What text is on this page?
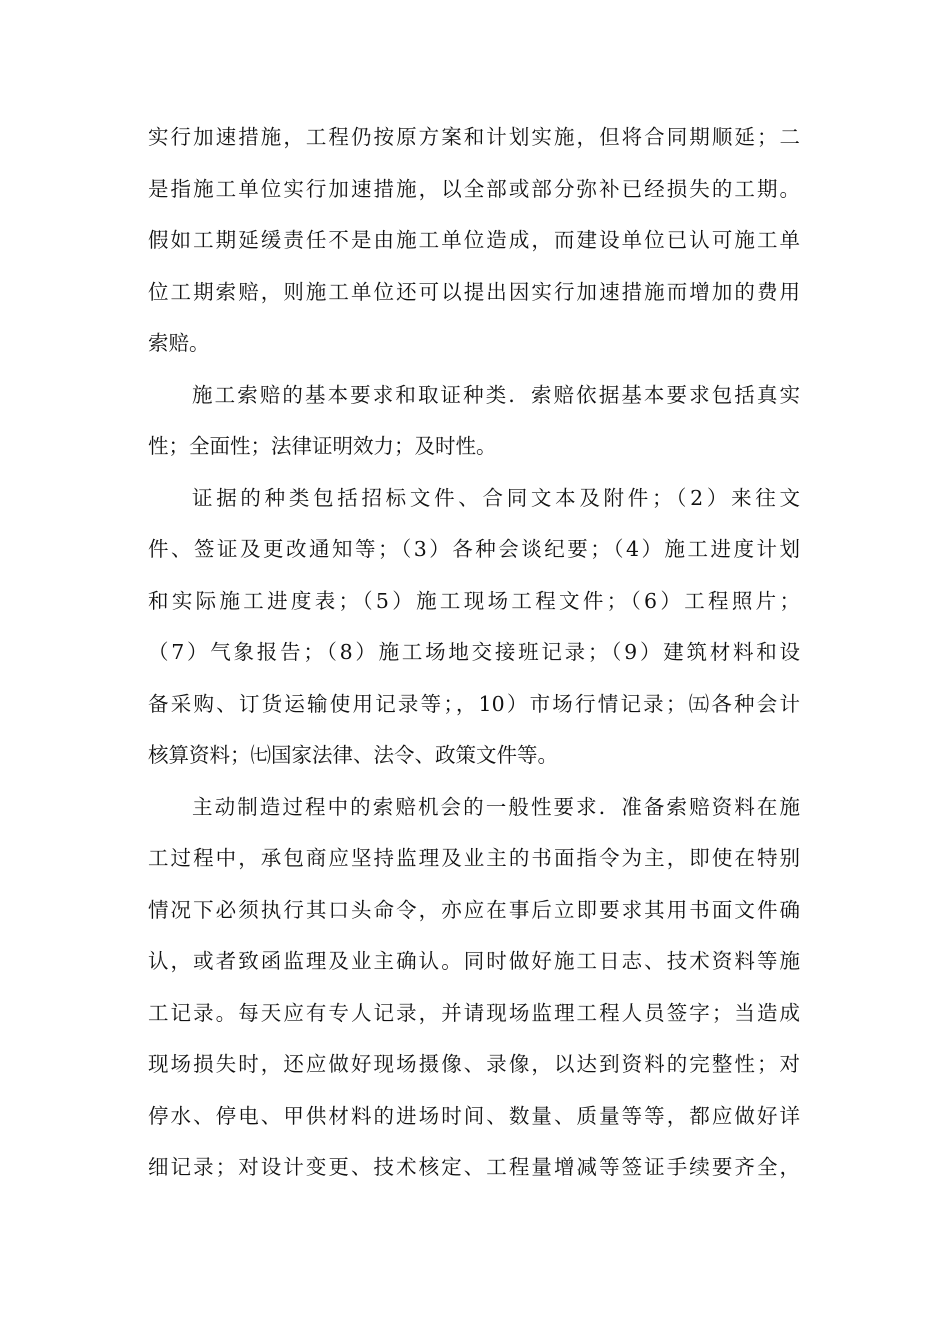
实行加速措施，工程仍按原方案和计划实施，但将合同期顺延；二
是指施工单位实行加速措施，以全部或部分弥补已经损失的工期。
假如工期延缓责任不是由施工单位造成，而建设单位已认可施工单
位工期索赔，则施工单位还可以提出因实行加速措施而增加的费用
索赔。
施工索赔的基本要求和取证种类．索赔依据基本要求包括真实
性；全面性；法律证明效力；及时性。
证据的种类包括招标文件、合同文本及附件；（2）来往文
件、签证及更改通知等；（3）各种会谈纪要；（4）施工进度计划
和实际施工进度表；（5）施工现场工程文件；（6）工程照片；
（7）气象报告；（8）施工场地交接班记录；（9）建筑材料和设
备采购、订货运输使用记录等；，10）市场行情记录；㈤各种会计
核算资料；㈦国家法律、法令、政策文件等。
主动制造过程中的索赔机会的一般性要求．准备索赔资料在施
工过程中，承包商应坚持监理及业主的书面指令为主，即使在特别
情况下必须执行其口头命令，亦应在事后立即要求其用书面文件确
认，或者致函监理及业主确认。同时做好施工日志、技术资料等施
工记录。每天应有专人记录，并请现场监理工程人员签字；当造成
现场损失时，还应做好现场摄像、录像，以达到资料的完整性；对
停水、停电、甲供材料的进场时间、数量、质量等等，都应做好详
细记录；对设计变更、技术核定、工程量增减等签证手续要齐全，
